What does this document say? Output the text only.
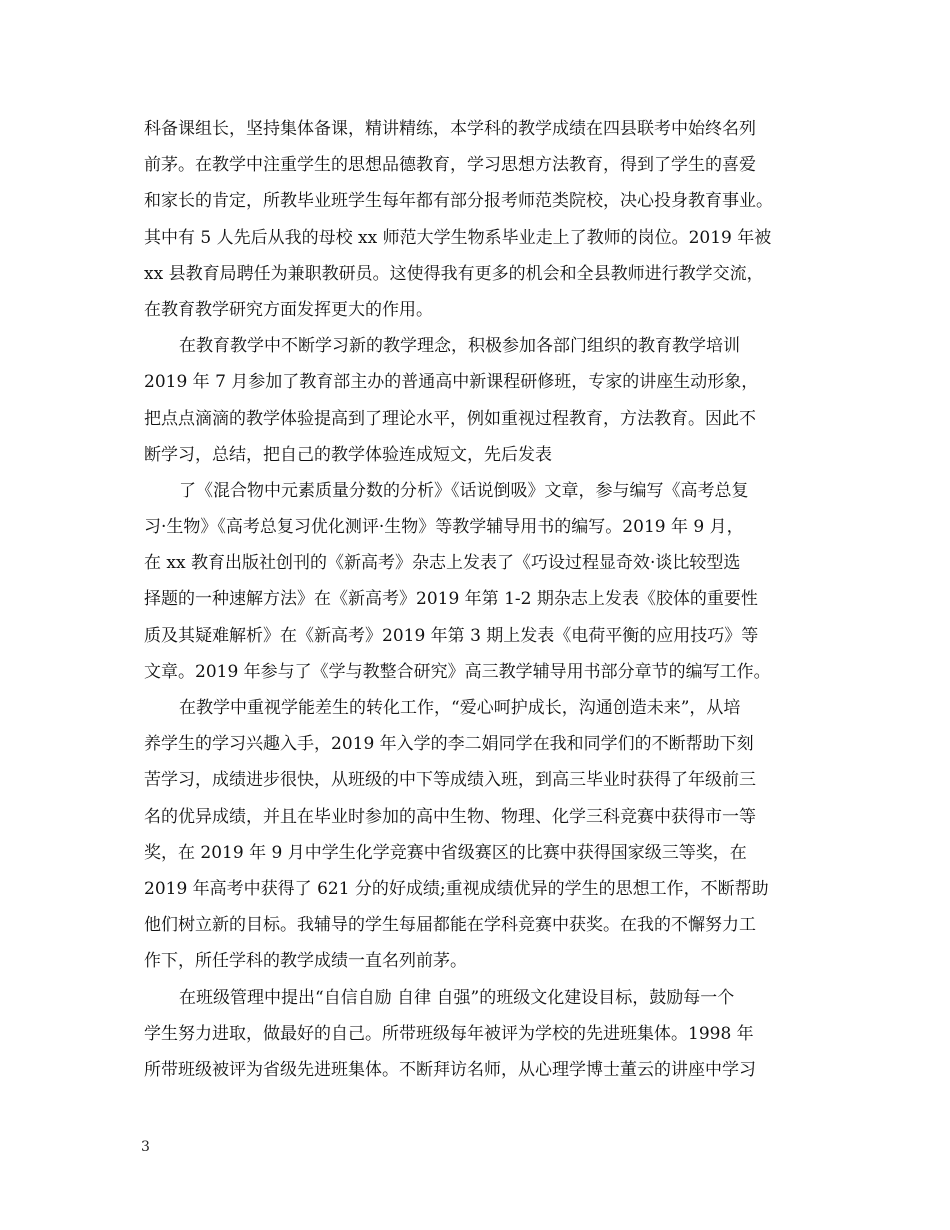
科备课组长，坚持集体备课，精讲精练，本学科的教学成绩在四县联考中始终名列
前茅。在教学中注重学生的思想品德教育，学习思想方法教育，得到了学生的喜爱
和家长的肯定，所教毕业班学生每年都有部分报考师范类院校，决心投身教育事业。
其中有 5 人先后从我的母校 xx 师范大学生物系毕业走上了教师的岗位。2019 年被
xx 县教育局聘任为兼职教研员。这使得我有更多的机会和全县教师进行教学交流，
在教育教学研究方面发挥更大的作用。
在教育教学中不断学习新的教学理念，积极参加各部门组织的教育教学培训
2019 年 7 月参加了教育部主办的普通高中新课程研修班，专家的讲座生动形象，
把点点滴滴的教学体验提高到了理论水平，例如重视过程教育，方法教育。因此不
断学习，总结，把自己的教学体验连成短文，先后发表
了《混合物中元素质量分数的分析》《话说倒吸》文章，参与编写《高考总复
习·生物》《高考总复习优化测评·生物》等教学辅导用书的编写。2019 年 9 月，
在 xx 教育出版社创刊的《新高考》杂志上发表了《巧设过程显奇效·谈比较型选
择题的一种速解方法》在《新高考》2019 年第 1-2 期杂志上发表《胶体的重要性
质及其疑难解析》在《新高考》2019 年第 3 期上发表《电荷平衡的应用技巧》等
文章。2019 年参与了《学与教整合研究》高三教学辅导用书部分章节的编写工作。
在教学中重视学能差生的转化工作，“爱心呵护成长，沟通创造未来”，从培
养学生的学习兴趣入手，2019 年入学的李二娟同学在我和同学们的不断帮助下刻
苦学习，成绩进步很快，从班级的中下等成绩入班，到高三毕业时获得了年级前三
名的优异成绩，并且在毕业时参加的高中生物、物理、化学三科竞赛中获得市一等
奖，在 2019 年 9 月中学生化学竞赛中省级赛区的比赛中获得国家级三等奖，在
2019 年高考中获得了 621 分的好成绩;重视成绩优异的学生的思想工作，不断帮助
他们树立新的目标。我辅导的学生每届都能在学科竞赛中获奖。在我的不懈努力工
作下，所任学科的教学成绩一直名列前茅。
在班级管理中提出“自信自励 自律 自强”的班级文化建设目标，鼓励每一个
学生努力进取，做最好的自己。所带班级每年被评为学校的先进班集体。1998 年
所带班级被评为省级先进班集体。不断拜访名师，从心理学博士董云的讲座中学习
3
